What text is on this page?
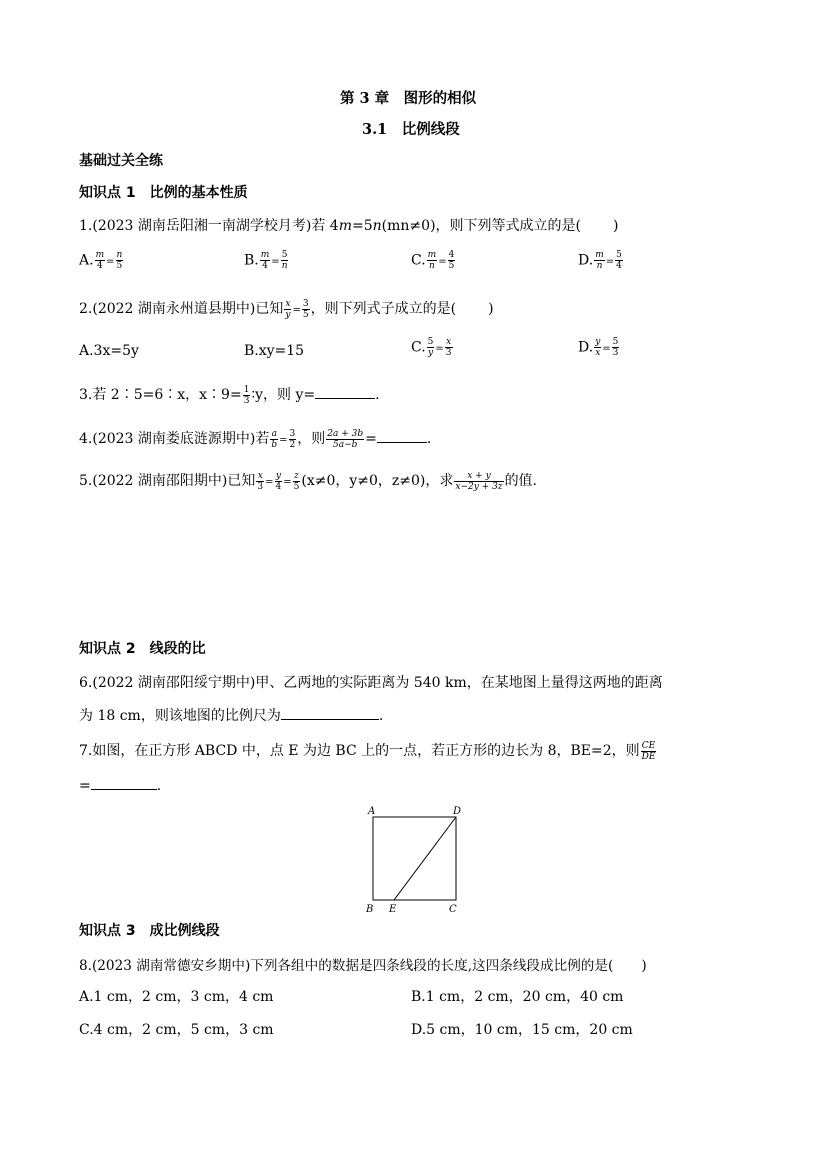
第 3 章　图形的相似
3.1　比例线段
基础过关全练
知识点 1　比例的基本性质
1.(2023 湖南岳阳湘一南湖学校月考)若 4m=5n(mn≠0)，则下列等式成立的是( )
A. $\frac{m}{4} = \frac{n}{5}$	B. $\frac{m}{4} = \frac{5}{n}$	C. $\frac{m}{n} = \frac{4}{5}$	D. $\frac{m}{n} = \frac{5}{4}$
2.(2022 湖南永州道县期中)已知 $\frac{x}{y} = \frac{3}{5}$ ，则下列式子成立的是( )
A.3x=5y	B.xy=15	C. $\frac{5}{y} = \frac{x}{3}$	D. $\frac{y}{x} = \frac{5}{3}$
3.若 2∶5=6∶x，x∶9= $\frac{1}{3}$ ∶y，则 y=	.
4.(2023 湖南娄底涟源期中)若 $\frac{a}{b} = \frac{3}{2}$ ，则 $\frac{2a + 3b}{5a-b}$ =	.
5.(2022 湖南邵阳期中)已知 $\frac{x}{3} = \frac{y}{4} = \frac{z}{5} (x\ne 0$，y≠0，z≠0)，求 $\frac{x + y}{x-2y + 3z}$ 的值.
知识点 2　线段的比
6.(2022 湖南邵阳绥宁期中)甲、乙两地的实际距离为 540 km，在某地图上量得这两地的距离
为 18 cm，则该地图的比例尺为	.
7.如图，在正方形 ABCD 中，点 E 为边 BC 上的一点，若正方形的边长为 8，BE=2，则 $\frac{CE}{DE}$
=	.
A	D
B E	C
知识点 3　成比例线段
8.(2023 湖南常德安乡期中)下列各组中的数据是四条线段的长度,这四条线段成比例的是( )
A.1 cm，2 cm，3 cm，4 cm	B.1 cm，2 cm，20 cm，40 cm
C.4 cm，2 cm，5 cm，3 cm	D.5 cm，10 cm，15 cm，20 cm
